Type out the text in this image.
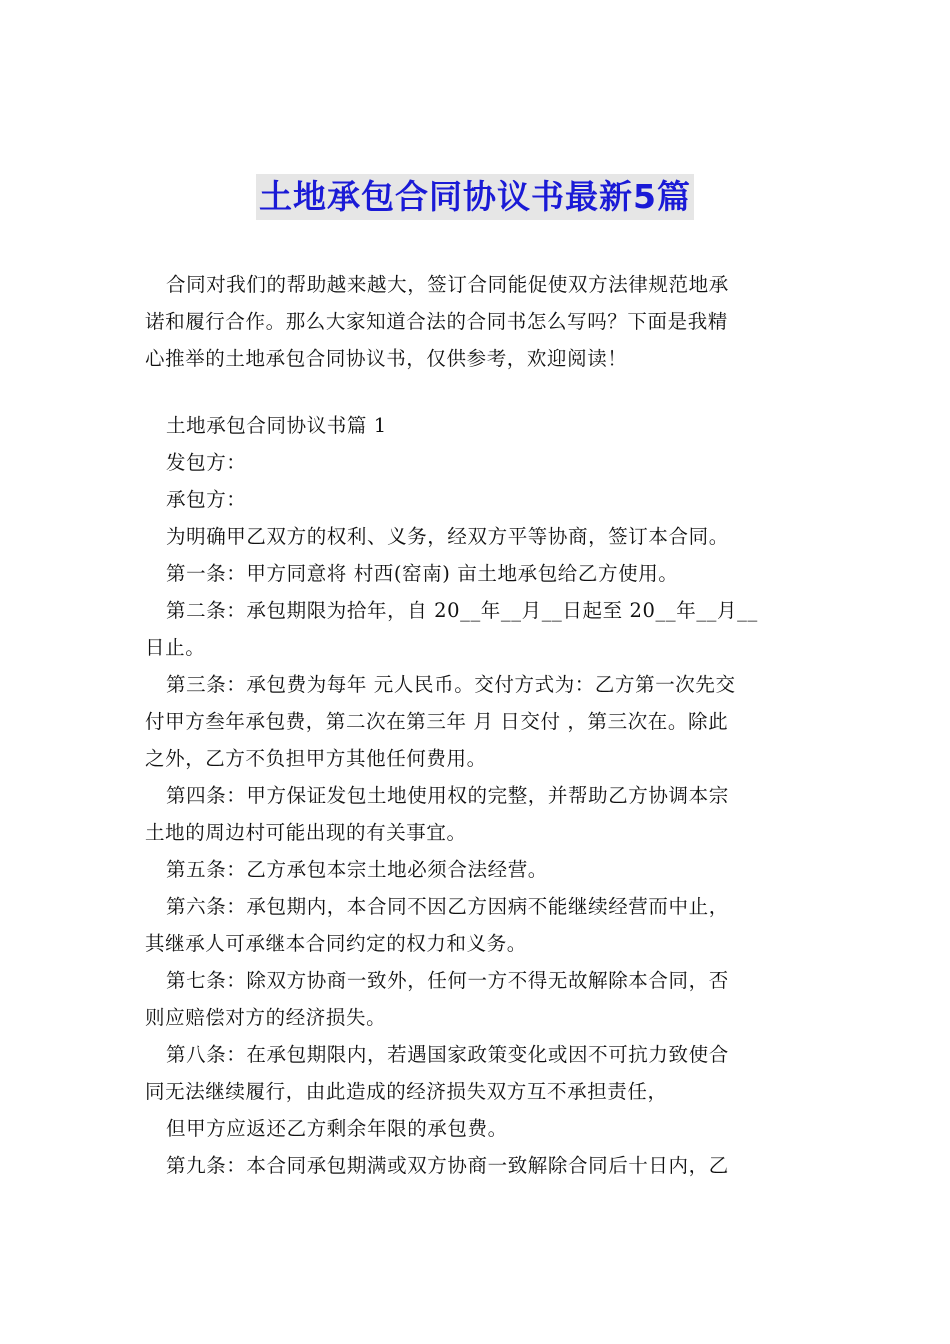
土地承包合同协议书最新5篇
合同对我们的帮助越来越大，签订合同能促使双方法律规范地承
诺和履行合作。那么大家知道合法的合同书怎么写吗？下面是我精
心推举的土地承包合同协议书，仅供参考，欢迎阅读！
土地承包合同协议书篇 1
发包方：
承包方：
为明确甲乙双方的权利、义务，经双方平等协商，签订本合同。
第一条：甲方同意将 村西(窑南) 亩土地承包给乙方使用。
第二条：承包期限为拾年，自 20__年__月__日起至 20__年__月__
日止。
第三条：承包费为每年 元人民币。交付方式为：乙方第一次先交
付甲方叁年承包费，第二次在第三年 月 日交付 ，第三次在。除此
之外，乙方不负担甲方其他任何费用。
第四条：甲方保证发包土地使用权的完整，并帮助乙方协调本宗
土地的周边村可能出现的有关事宜。
第五条：乙方承包本宗土地必须合法经营。
第六条：承包期内，本合同不因乙方因病不能继续经营而中止，
其继承人可承继本合同约定的权力和义务。
第七条：除双方协商一致外，任何一方不得无故解除本合同，否
则应赔偿对方的经济损失。
第八条：在承包期限内，若遇国家政策变化或因不可抗力致使合
同无法继续履行，由此造成的经济损失双方互不承担责任，
但甲方应返还乙方剩余年限的承包费。
第九条：本合同承包期满或双方协商一致解除合同后十日内，乙
